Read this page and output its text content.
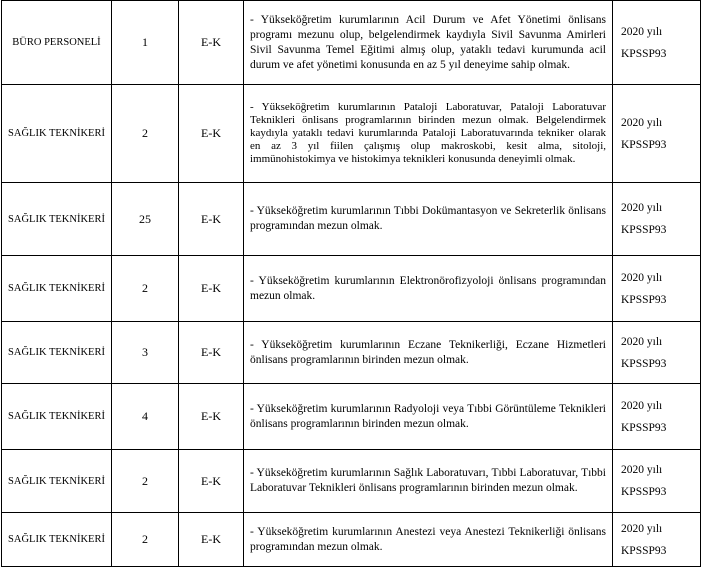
BÜRO PERSONELİ	1	E-K	- Yükseköğretim kurumlarının Acil Durum ve Afet Yönetimi önlisans programı mezunu olup, belgelendirmek kaydıyla Sivil Savunma Amirleri Sivil Savunma Temel Eğitimi almış olup, yataklı tedavi kurumunda acil durum ve afet yönetimi konusunda en az 5 yıl deneyime sahip olmak.	2020 yılı
KPSSP93

SAĞLIK TEKNİKERİ	2	E-K	- Yükseköğretim kurumlarının Pataloji Laboratuvar, Pataloji Laboratuvar Teknikleri önlisans programlarının birinden mezun olmak. Belgelendirmek kaydıyla yataklı tedavi kurumlarında Pataloji Laboratuvarında tekniker olarak en az 3 yıl fiilen çalışmış olup makroskobi, kesit alma, sitoloji, immünohistokimya ve histokimya teknikleri konusunda deneyimli olmak.	2020 yılı
KPSSP93

SAĞLIK TEKNİKERİ	25	E-K	- Yükseköğretim kurumlarının Tıbbi Dokümantasyon ve Sekreterlik önlisans programından mezun olmak.	2020 yılı
KPSSP93

SAĞLIK TEKNİKERİ	2	E-K	- Yükseköğretim kurumlarının Elektronörofizyoloji önlisans programından mezun olmak.	2020 yılı
KPSSP93

SAĞLIK TEKNİKERİ	3	E-K	- Yükseköğretim kurumlarının Eczane Teknikerliği, Eczane Hizmetleri önlisans programlarının birinden mezun olmak.	2020 yılı
KPSSP93

SAĞLIK TEKNİKERİ	4	E-K	- Yükseköğretim kurumlarının Radyoloji veya Tıbbi Görüntüleme Teknikleri önlisans programlarının birinden mezun olmak.	2020 yılı
KPSSP93

SAĞLIK TEKNİKERİ	2	E-K	- Yükseköğretim kurumlarının Sağlık Laboratuvarı, Tıbbi Laboratuvar, Tıbbi Laboratuvar Teknikleri önlisans programlarının birinden mezun olmak.	2020 yılı
KPSSP93

SAĞLIK TEKNİKERİ	2	E-K	- Yükseköğretim kurumlarının Anestezi veya Anestezi Teknikerliği önlisans programından mezun olmak.	2020 yılı
KPSSP93
